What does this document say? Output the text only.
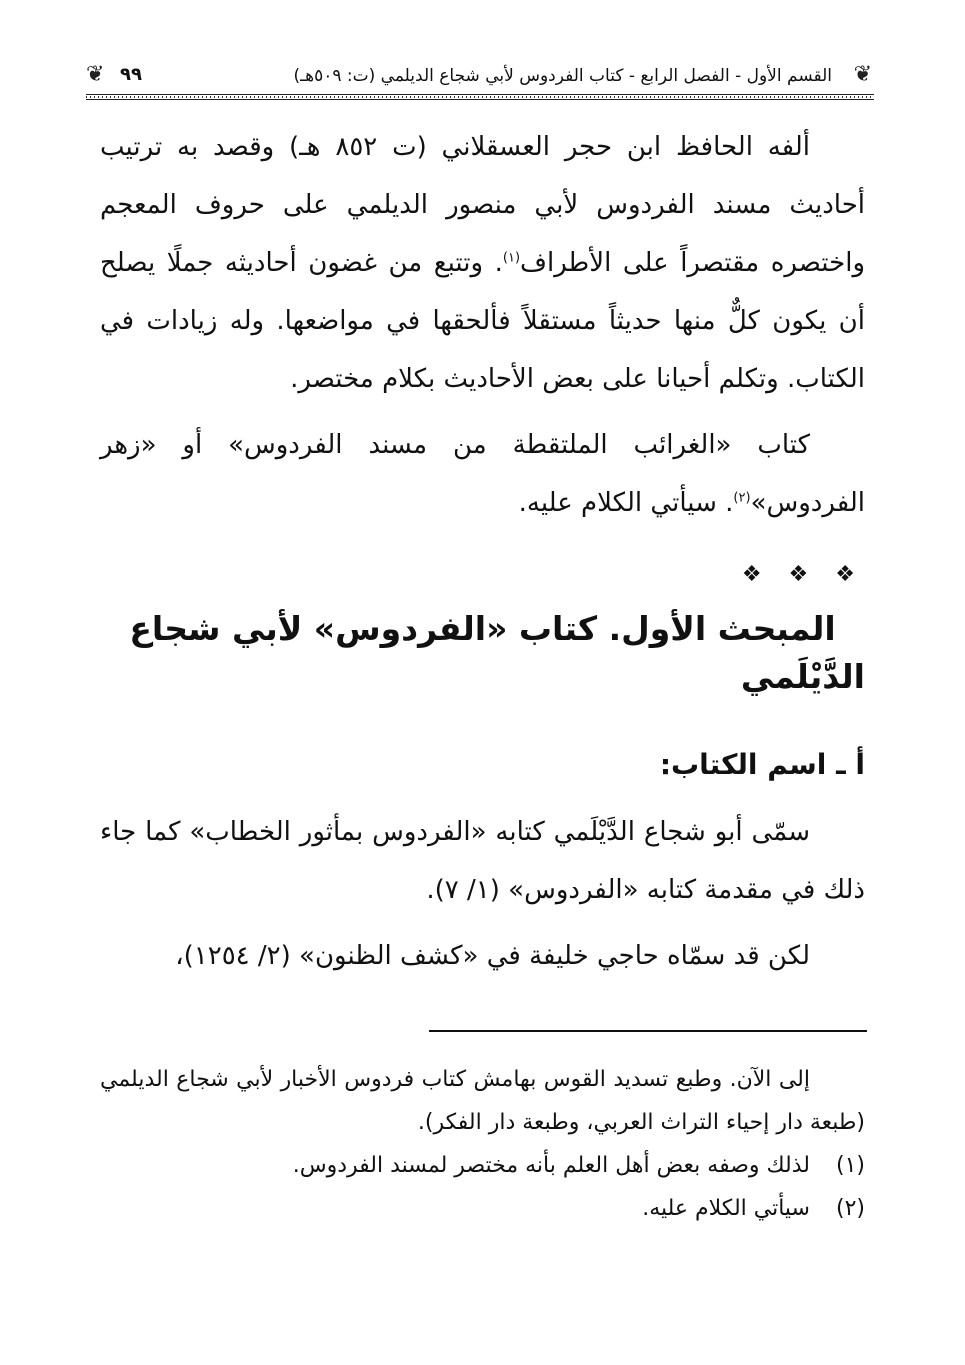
❦
القسم الأول - الفصل الرابع - كتاب الفردوس لأبي شجاع الديلمي (ت: ٥٠٩هـ)
٩٩
❦

ألفه الحافظ ابن حجر العسقلاني (ت ٨٥٢ هـ) وقصد به ترتيب أحاديث مسند الفردوس لأبي منصور الديلمي على حروف المعجم واختصره مقتصراً على الأطراف$^{(١)}$. وتتبع من غضون أحاديثه جملًا يصلح أن يكون كلٌّ منها حديثاً مستقلاً فألحقها في مواضعها. وله زيادات في الكتاب. وتكلم أحيانا على بعض الأحاديث بكلام مختصر.

كتاب «الغرائب الملتقطة من مسند الفردوس» أو «زهر الفردوس»$^{(٢)}$. سيأتي الكلام عليه.

❖ ❖ ❖
المبحث الأول. كتاب «الفردوس» لأبي شجاع الدَّيْلَمي
أ ـ اسم الكتاب:

سمّى أبو شجاع الدَّيْلَمي كتابه «الفردوس بمأثور الخطاب» كما جاء ذلك في مقدمة كتابه «الفردوس» (١/ ٧).

لكن قد سمّاه حاجي خليفة في «كشف الظنون» (٢/ ١٢٥٤)،

إلى الآن. وطبع تسديد القوس بهامش كتاب فردوس الأخبار لأبي شجاع الديلمي (طبعة دار إحياء التراث العربي، وطبعة دار الفكر).

(١)لذلك وصفه بعض أهل العلم بأنه مختصر لمسند الفردوس.

(٢)سيأتي الكلام عليه.
